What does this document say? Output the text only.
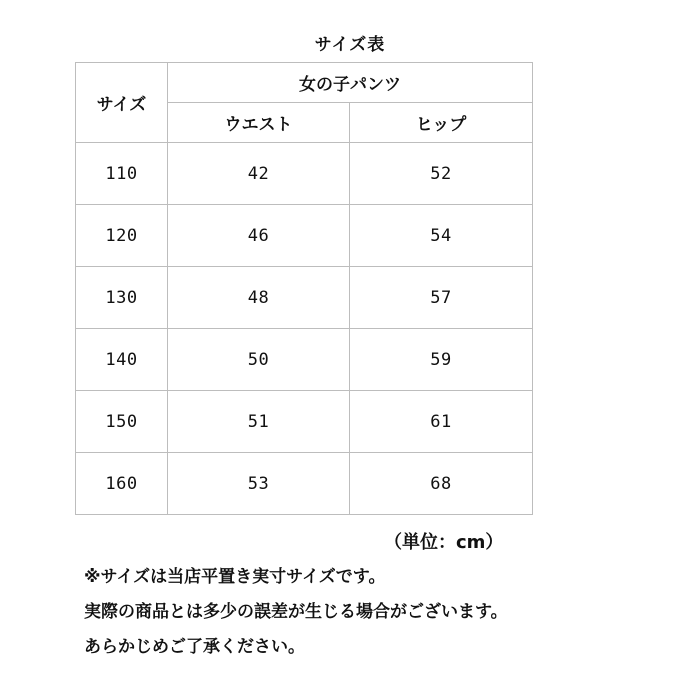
サイズ表
サイズ	女の子パンツ	
	ウエスト	ヒップ
110	42	52
120	46	54
130	48	57
140	50	59
150	51	61
160	53	68
（単位：cm）
※サイズは当店平置き実寸サイズです。
実際の商品とは多少の誤差が生じる場合がございます。
あらかじめご了承ください。
